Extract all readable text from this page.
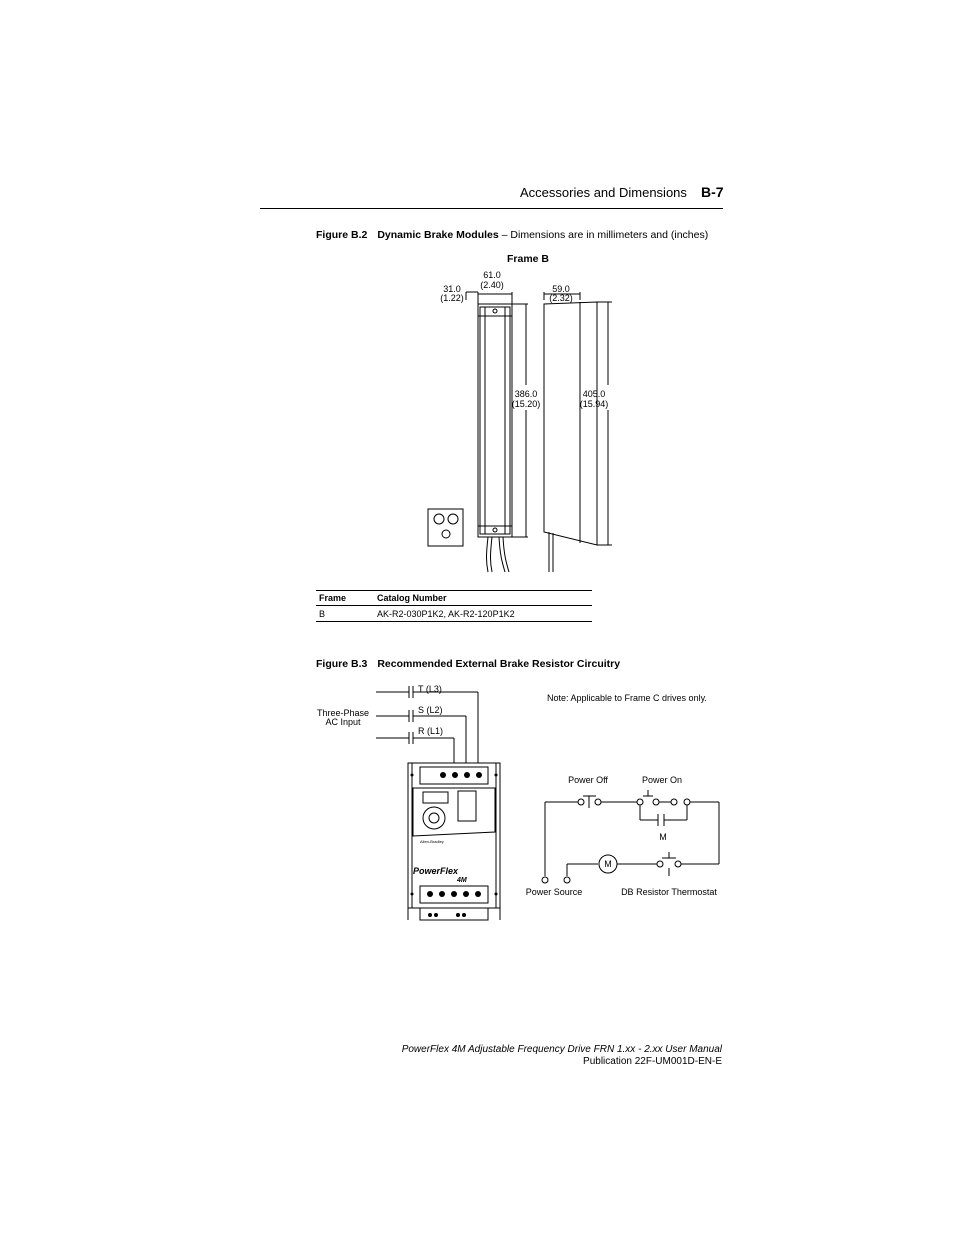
Accessories and Dimensions B-7
Figure B.2 Dynamic Brake Modules – Dimensions are in millimeters and (inches)
Frame B
61.0
(2.40)
31.0
(1.22)
59.0
(2.32)
386.0
(15.20)
405.0
(15.94)
Frame	Catalog Number
B	AK-R2-030P1K2, AK-R2-120P1K2
Figure B.3 Recommended External Brake Resistor Circuitry
Three-Phase
AC Input
T (L3)
S (L2)
R (L1)
Note: Applicable to Frame C drives only.
Power Off	Power On
M
M
Power Source	DB Resistor Thermostat
PowerFlex
4M
Allen-Bradley
PowerFlex 4M Adjustable Frequency Drive FRN 1.xx - 2.xx User Manual
Publication 22F-UM001D-EN-E
